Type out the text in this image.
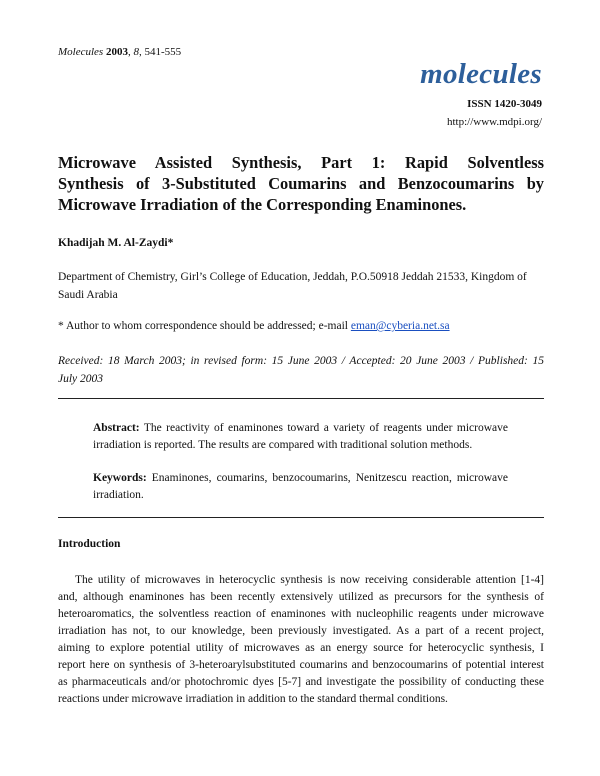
Molecules 2003, 8, 541-555
molecules
ISSN 1420-3049
http://www.mdpi.org/
Microwave Assisted Synthesis, Part 1: Rapid Solventless
Synthesis of 3-Substituted Coumarins and Benzocoumarins by
Microwave Irradiation of the Corresponding Enaminones.
Khadijah M. Al-Zaydi*
Department of Chemistry, Girl’s College of Education, Jeddah, P.O.50918 Jeddah 21533, Kingdom of Saudi Arabia
* Author to whom correspondence should be addressed; e-mail eman@cyberia.net.sa
Received: 18 March 2003; in revised form: 15 June 2003 / Accepted: 20 June 2003 / Published: 15
July 2003
Abstract: The reactivity of enaminones toward a variety of reagents under microwave
irradiation is reported. The results are compared with traditional solution methods.
Keywords: Enaminones, coumarins, benzocoumarins, Nenitzescu reaction, microwave
irradiation.
Introduction
The utility of microwaves in heterocyclic synthesis is now receiving considerable attention [1-4]
and, although enaminones has been recently extensively utilized as precursors for the synthesis of
heteroaromatics, the solventless reaction of enaminones with nucleophilic reagents under microwave
irradiation has not, to our knowledge, been previously investigated. As a part of a recent project,
aiming to explore potential utility of microwaves as an energy source for heterocyclic synthesis, I
report here on synthesis of 3-heteroarylsubstituted coumarins and benzocoumarins of potential interest
as pharmaceuticals and/or photochromic dyes [5-7] and investigate the possibility of conducting these
reactions under microwave irradiation in addition to the standard thermal conditions.
